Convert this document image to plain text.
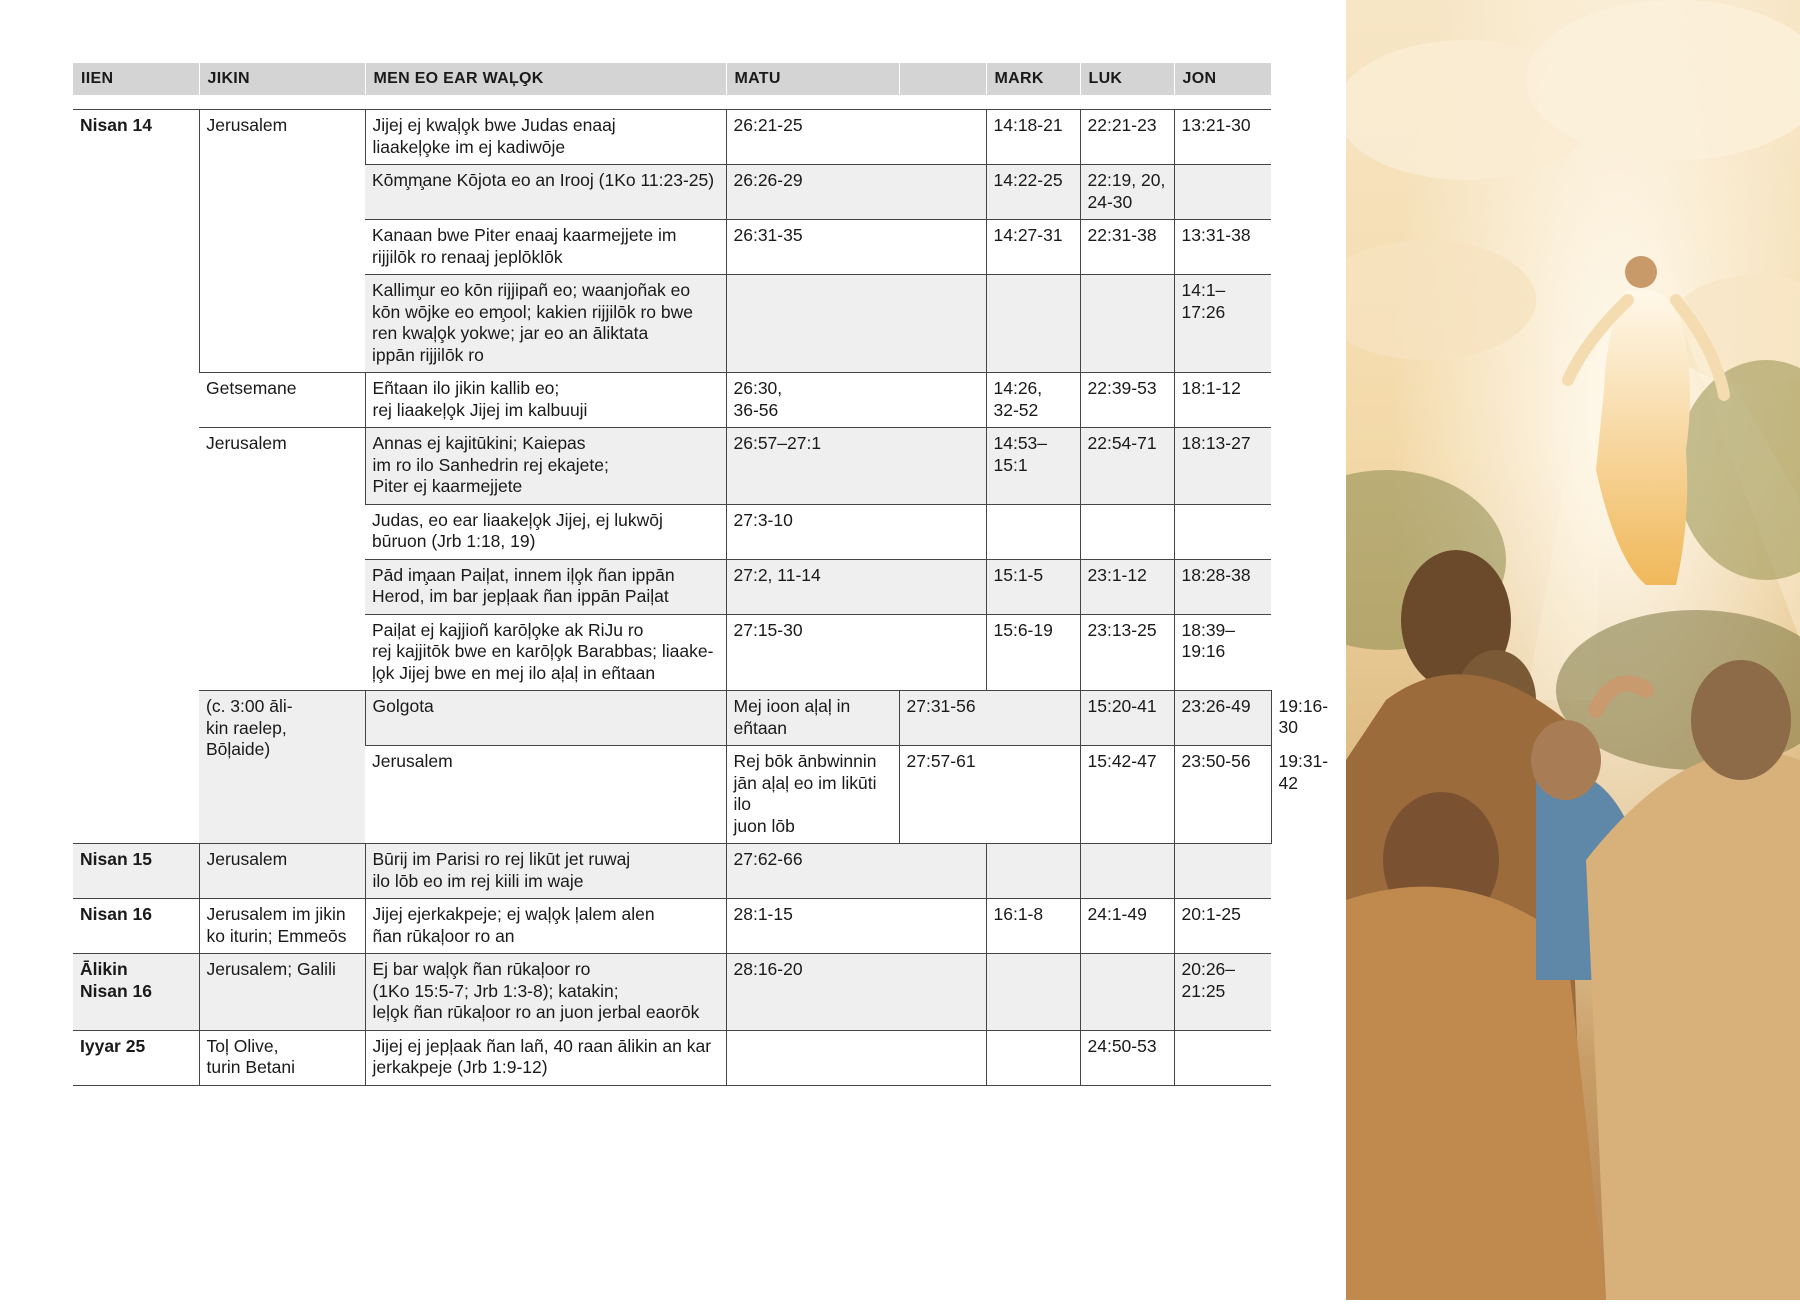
IIEN	JIKIN	MEN EO EAR WAĻO̧K	MATU		MARK	LUK	JON	

Nisan 14	Jerusalem	Jijej ej kwaļo̧k bwe Judas enaaj
liaakeļo̧ke im ej kadiwōje	26:21-25		14:18-21	22:21-23	13:21-30	
		Kōm̧m̧ane Kōjota eo an Irooj (1Ko 11:23-25)	26:26-29		14:22-25	22:19, 20,
24-30		
		Kanaan bwe Piter enaaj kaarmejjete im
rijjilōk ro renaaj jeplōklōk	26:31-35		14:27-31	22:31-38	13:31-38	
		Kallim̧ur eo kōn rijjipañ eo; waanjoñak eo
kōn wōjke eo em̧ool; kakien rijjilōk ro bwe
ren kwaļo̧k yokwe; jar eo an āliktata
ippān rijjilōk ro					14:1–
17:26	
	Getsemane	Eñtaan ilo jikin kallib eo;
rej liaakeļo̧k Jijej im kalbuuji	26:30,
36-56		14:26,
32-52	22:39-53	18:1-12	
	Jerusalem	Annas ej kajitūkini; Kaiepas
im ro ilo Sanhedrin rej ekajete;
Piter ej kaarmejjete	26:57–27:1		14:53–
15:1	22:54-71	18:13-27	
		Judas, eo ear liaakeļo̧k Jijej, ej lukwōj
būruon (Jrb 1:18, 19)	27:3-10					
		Pād im̧aan Paiļat, innem iļo̧k ñan ippān
Herod, im bar jepļaak ñan ippān Paiļat	27:2, 11-14		15:1-5	23:1-12	18:28-38	
		Paiļat ej kajjioñ karōļo̧ke ak RiJu ro
rej kajjitōk bwe en karōļo̧k Barabbas; liaake-
ļo̧k Jijej bwe en mej ilo aļaļ in eñtaan	27:15-30		15:6-19	23:13-25	18:39–
19:16	
	(c. 3:00 āli-
kin raelep,
Bōļaide)	Golgota	Mej ioon aļaļ in eñtaan	27:31-56		15:20-41	23:26-49	19:16-30
		Jerusalem	Rej bōk ānbwinnin jān aļaļ eo im likūti ilo
juon lōb	27:57-61		15:42-47	23:50-56	19:31-42
Nisan 15	Jerusalem	Būrij im Parisi ro rej likūt jet ruwaj
ilo lōb eo im rej kiili im waje	27:62-66					
Nisan 16	Jerusalem im jikin
ko iturin; Emmeōs	Jijej ejerkakpeje; ej waļo̧k ļalem alen
ñan rūkaļoor ro an	28:1-15		16:1-8	24:1-49	20:1-25	
Ālikin
Nisan 16	Jerusalem; Galili	Ej bar waļo̧k ñan rūkaļoor ro
(1Ko 15:5-7; Jrb 1:3-8); katakin;
leļo̧k ñan rūkaļoor ro an juon jerbal eaorōk	28:16-20				20:26–
21:25	
Iyyar 25	Toļ Olive,
turin Betani	Jijej ej jepļaak ñan lañ, 40 raan ālikin an kar
jerkakpeje (Jrb 1:9-12)				24:50-53		
